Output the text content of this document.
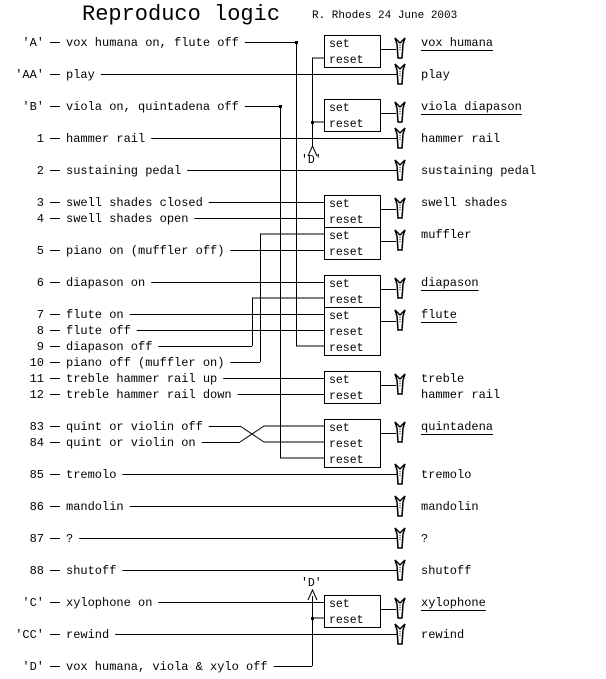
Reproduco logic	R. Rhodes 24 June 2003
'A' vox humana on, flute off
'AA' play
'B' viola on, quintadena off
1 hammer rail
2 sustaining pedal
3 swell shades closed
4 swell shades open
5 piano on (muffler off)
6 diapason on
7 flute on
8 flute off
9 diapason off
10 piano off (muffler on)
11 treble hammer rail up
12 treble hammer rail down
83 quint or violin off
84 quint or violin on
85 tremolo
86 mandolin
87 ?
88 shutoff
'C' xylophone on
'CC' rewind
'D' vox humana, viola & xylo off
set
reset
set
reset
set
reset
set
reset
set
reset
set
reset
reset
set
reset
set
reset
reset
set
reset
'D'
'D'
vox humana
play
viola diapason
hammer rail
sustaining pedal
swell shades
muffler
diapason
flute
treble
hammer rail
quintadena
tremolo
mandolin
?
shutoff
xylophone
rewind
